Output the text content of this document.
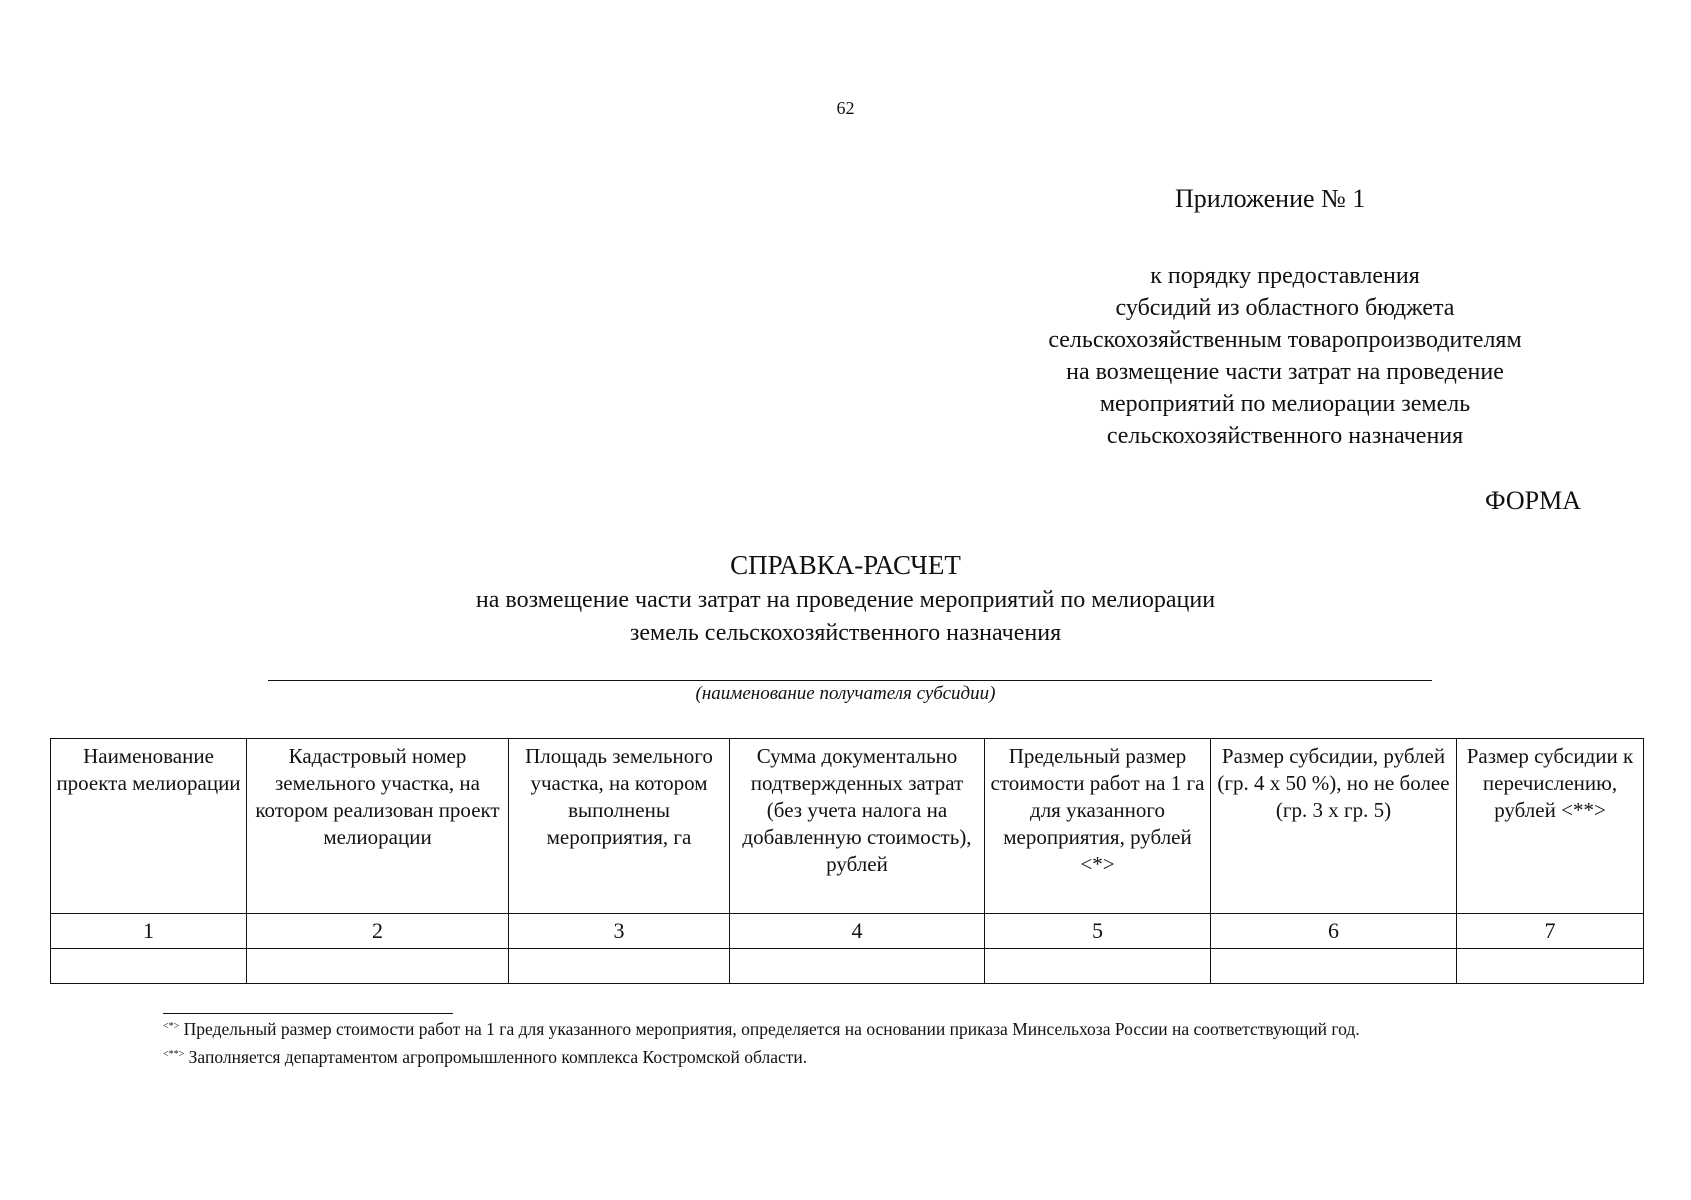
62
Приложение № 1
к порядку предоставления
субсидий из областного бюджета
сельскохозяйственным товаропроизводителям
на возмещение части затрат на проведение
мероприятий по мелиорации земель
сельскохозяйственного назначения
ФОРМА
СПРАВКА-РАСЧЕТ
на возмещение части затрат на проведение мероприятий по мелиорации
земель сельскохозяйственного назначения
(наименование получателя субсидии)
Наименование проекта мелиорации	Кадастровый номер земельного участка, на котором реализован проект мелиорации	Площадь земельного участка, на котором выполнены мероприятия, га	Сумма документально подтвержденных затрат (без учета налога на добавленную стоимость), рублей	Предельный размер стоимости работ на 1 га для указанного мероприятия, рублей <*>	Размер субсидии, рублей (гр. 4 х 50 %), но не более (гр. 3 х гр. 5)	Размер субсидии к перечислению, рублей <**>
1	2	3	4	5	6	7

<*> Предельный размер стоимости работ на 1 га для указанного мероприятия, определяется на основании приказа Минсельхоза России на соответствующий год.
<**> Заполняется департаментом агропромышленного комплекса Костромской области.
